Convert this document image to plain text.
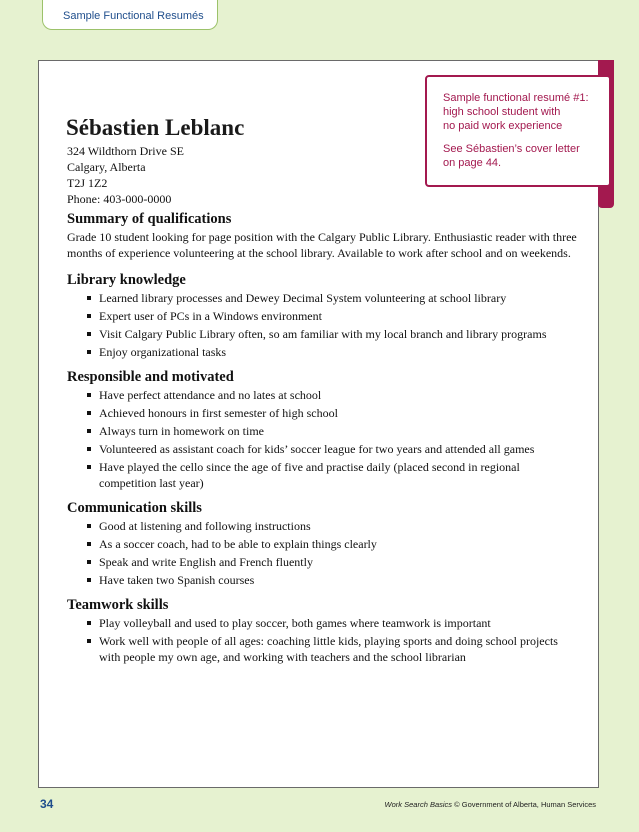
Sample Functional Resumés

Sample functional resumé #1:
high school student with
no paid work experience

See Sébastien’s cover letter
on page 44.

Sébastien Leblanc
324 Wildthorn Drive SE
Calgary, Alberta
T2J 1Z2
Phone: 403-000-0000
Summary of qualifications
Grade 10 student looking for page position with the Calgary Public Library. Enthusiastic reader with three months of experience volunteering at the school library. Available to work after school and on weekends.
Library knowledge
Learned library processes and Dewey Decimal System volunteering at school library
Expert user of PCs in a Windows environment
Visit Calgary Public Library often, so am familiar with my local branch and library programs
Enjoy organizational tasks
Responsible and motivated
Have perfect attendance and no lates at school
Achieved honours in first semester of high school
Always turn in homework on time
Volunteered as assistant coach for kids’ soccer league for two years and attended all games
Have played the cello since the age of five and practise daily (placed second in regional competition last year)
Communication skills
Good at listening and following instructions
As a soccer coach, had to be able to explain things clearly
Speak and write English and French fluently
Have taken two Spanish courses
Teamwork skills
Play volleyball and used to play soccer, both games where teamwork is important
Work well with people of all ages: coaching little kids, playing sports and doing school projects with people my own age, and working with teachers and the school librarian
34	Work Search Basics © Government of Alberta, Human Services
